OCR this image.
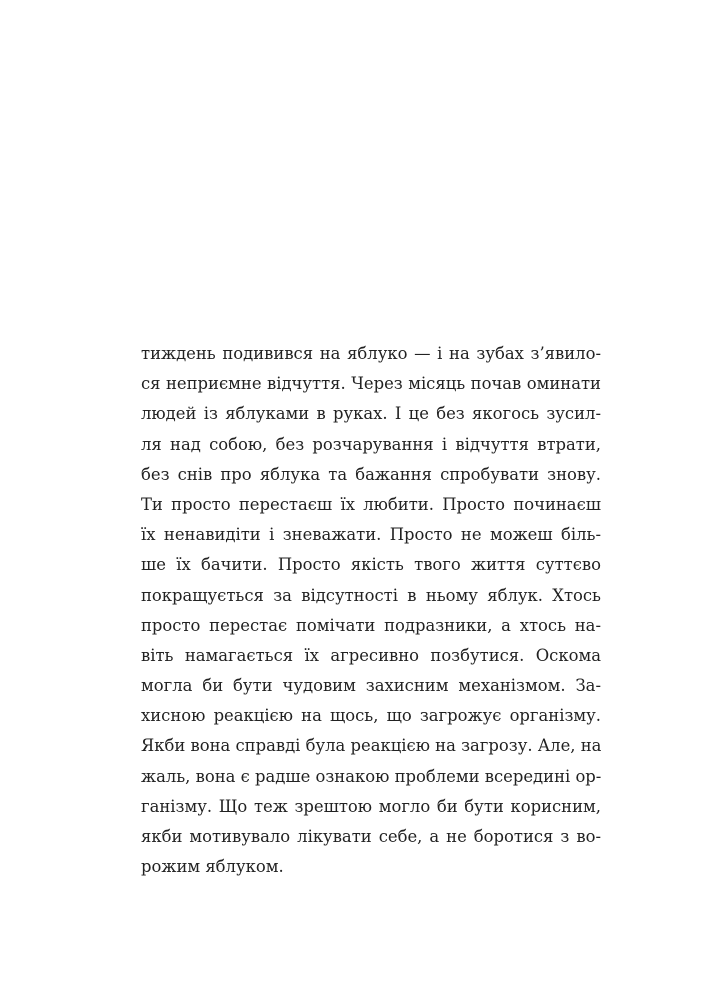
тиждень подивився на яблуко — і на зубах з’явило-
ся неприємне відчуття. Через місяць почав оминати
людей із яблуками в руках. І це без якогось зусил-
ля над собою, без розчарування і відчуття втрати,
без снів про яблука та бажання спробувати знову.
Ти просто перестаєш їх любити. Просто починаєш
їх ненавидіти і зневажати. Просто не можеш біль-
ше їх бачити. Просто якість твого життя суттєво
покращується за відсутності в ньому яблук. Хтось
просто перестає помічати подразники, а хтось на-
віть намагається їх агресивно позбутися. Оскома
могла би бути чудовим захисним механізмом. За-
хисною реакцією на щось, що загрожує організму.
Якби вона справді була реакцією на загрозу. Але, на
жаль, вона є радше ознакою проблеми всередині ор-
ганізму. Що теж зрештою могло би бути корисним,
якби мотивувало лікувати себе, а не боротися з во-
рожим яблуком.
